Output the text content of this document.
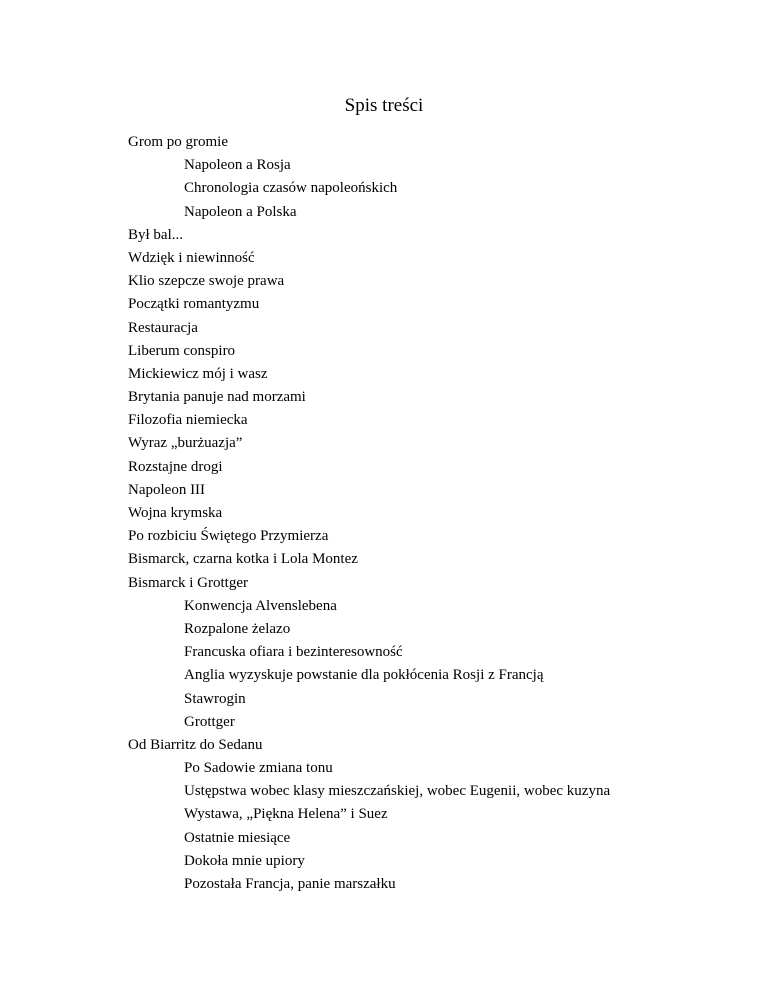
Spis treści
Grom po gromie
Napoleon a Rosja
Chronologia czasów napoleońskich
Napoleon a Polska
Był bal...
Wdzięk i niewinność
Klio szepcze swoje prawa
Początki romantyzmu
Restauracja
Liberum conspiro
Mickiewicz mój i wasz
Brytania panuje nad morzami
Filozofia niemiecka
Wyraz „burżuazja”
Rozstajne drogi
Napoleon III
Wojna krymska
Po rozbiciu Świętego Przymierza
Bismarck, czarna kotka i Lola Montez
Bismarck i Grottger
Konwencja Alvenslebena
Rozpalone żelazo
Francuska ofiara i bezinteresowność
Anglia wyzyskuje powstanie dla pokłócenia Rosji z Francją
Stawrogin
Grottger
Od Biarritz do Sedanu
Po Sadowie zmiana tonu
Ustępstwa wobec klasy mieszczańskiej, wobec Eugenii, wobec kuzyna
Wystawa, „Piękna Helena” i Suez
Ostatnie miesiące
Dokoła mnie upiory
Pozostała Francja, panie marszałku
